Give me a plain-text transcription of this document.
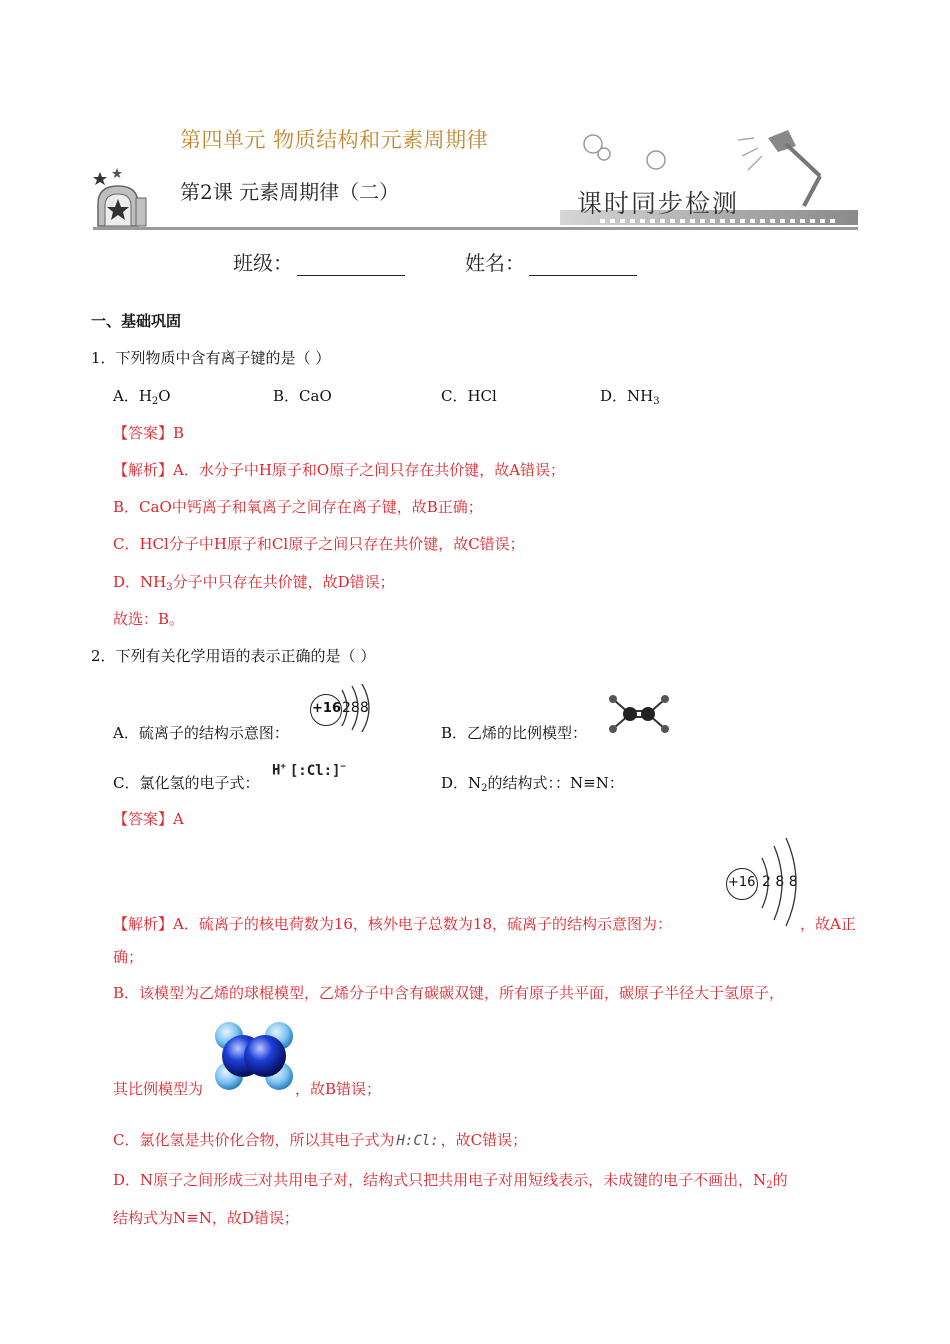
第四单元 物质结构和元素周期律
第2课 元素周期律（二）	课时同步检测
班级：	姓名：
一、基础巩固
1．下列物质中含有离子键的是（ ）
A．$H_2O$	B．CaO	C．HCl	D．$NH_3$
【答案】B
【解析】A．水分子中H原子和O原子之间只存在共价键，故A错误；
B．CaO中钙离子和氧离子之间存在离子键，故B正确；
C．HCl分子中H原子和Cl原子之间只存在共价键，故C错误；
D．$NH_3$分子中只存在共价键，故D错误；
故选：B。
2．下列有关化学用语的表示正确的是（ ）
A．硫离子的结构示意图：
+16 288
B．乙烯的比例模型：
C．氯化氢的电子式：
H+ [:Cl:]−
D．$N_2$的结构式：：N≡N：
【答案】A
+16 2 8 8
【解析】A．硫离子的核电荷数为16，核外电子总数为18，硫离子的结构示意图为：	，故A正
确；
B．该模型为乙烯的球棍模型，乙烯分子中含有碳碳双键，所有原子共平面，碳原子半径大于氢原子，
其比例模型为	，故B错误；
C．氯化氢是共价化合物，所以其电子式为 H:Cl: ，故C错误；
D．N原子之间形成三对共用电子对，结构式只把共用电子对用短线表示，未成键的电子不画出，$N_2$的
结构式为N≡N，故D错误；
